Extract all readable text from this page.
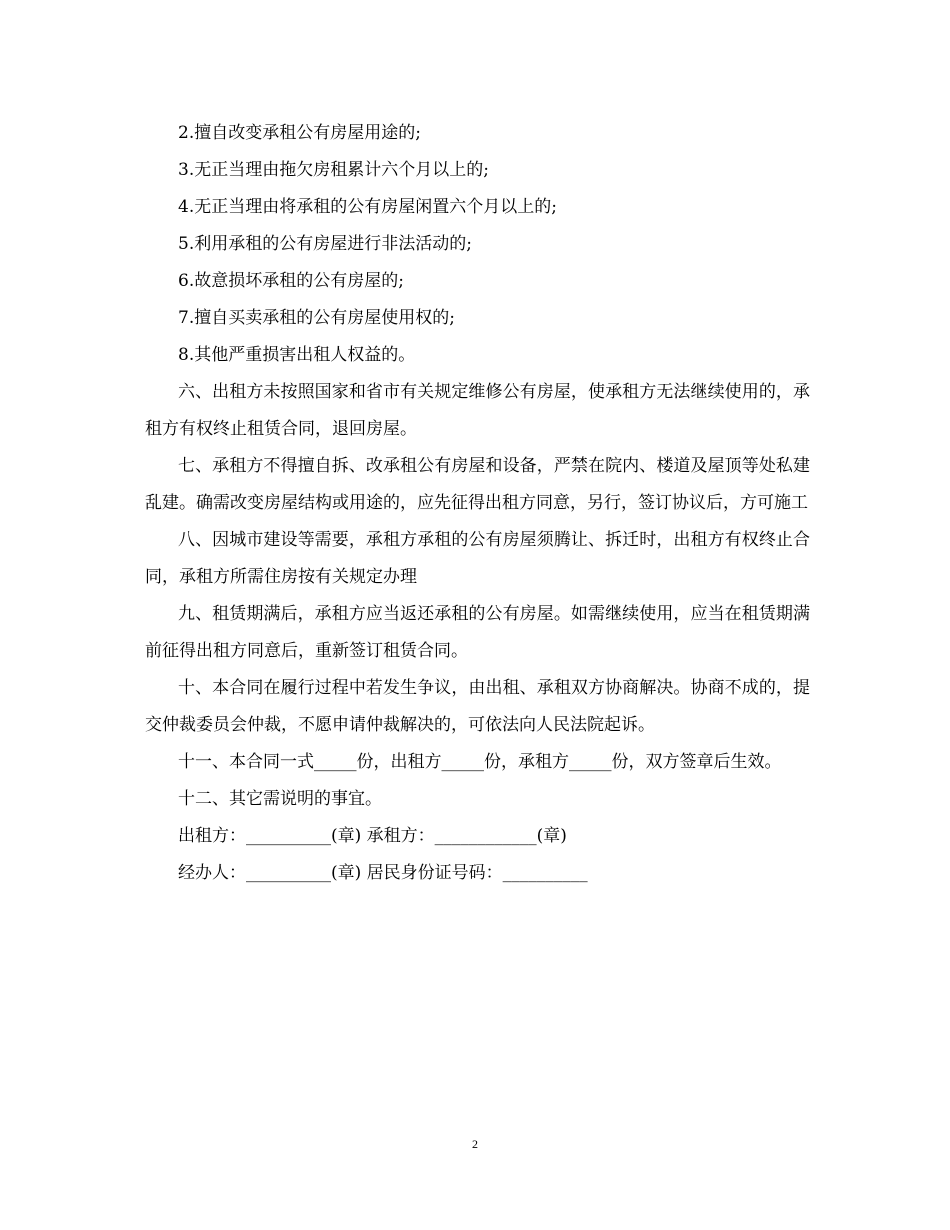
2.擅自改变承租公有房屋用途的;
3.无正当理由拖欠房租累计六个月以上的;
4.无正当理由将承租的公有房屋闲置六个月以上的;
5.利用承租的公有房屋进行非法活动的;
6.故意损坏承租的公有房屋的;
7.擅自买卖承租的公有房屋使用权的;
8.其他严重损害出租人权益的。
六、出租方未按照国家和省市有关规定维修公有房屋，使承租方无法继续使用的，承租方有权终止租赁合同，退回房屋。
七、承租方不得擅自拆、改承租公有房屋和设备，严禁在院内、楼道及屋顶等处私建乱建。确需改变房屋结构或用途的，应先征得出租方同意，另行，签订协议后，方可施工
八、因城市建设等需要，承租方承租的公有房屋须腾让、拆迁时，出租方有权终止合同，承租方所需住房按有关规定办理
九、租赁期满后，承租方应当返还承租的公有房屋。如需继续使用，应当在租赁期满前征得出租方同意后，重新签订租赁合同。
十、本合同在履行过程中若发生争议，由出租、承租双方协商解决。协商不成的，提交仲裁委员会仲裁，不愿申请仲裁解决的，可依法向人民法院起诉。
十一、本合同一式_____份，出租方_____份，承租方_____份，双方签章后生效。
十二、其它需说明的事宜。
出租方：__________(章) 承租方：____________(章)
经办人：__________(章) 居民身份证号码：__________
2
